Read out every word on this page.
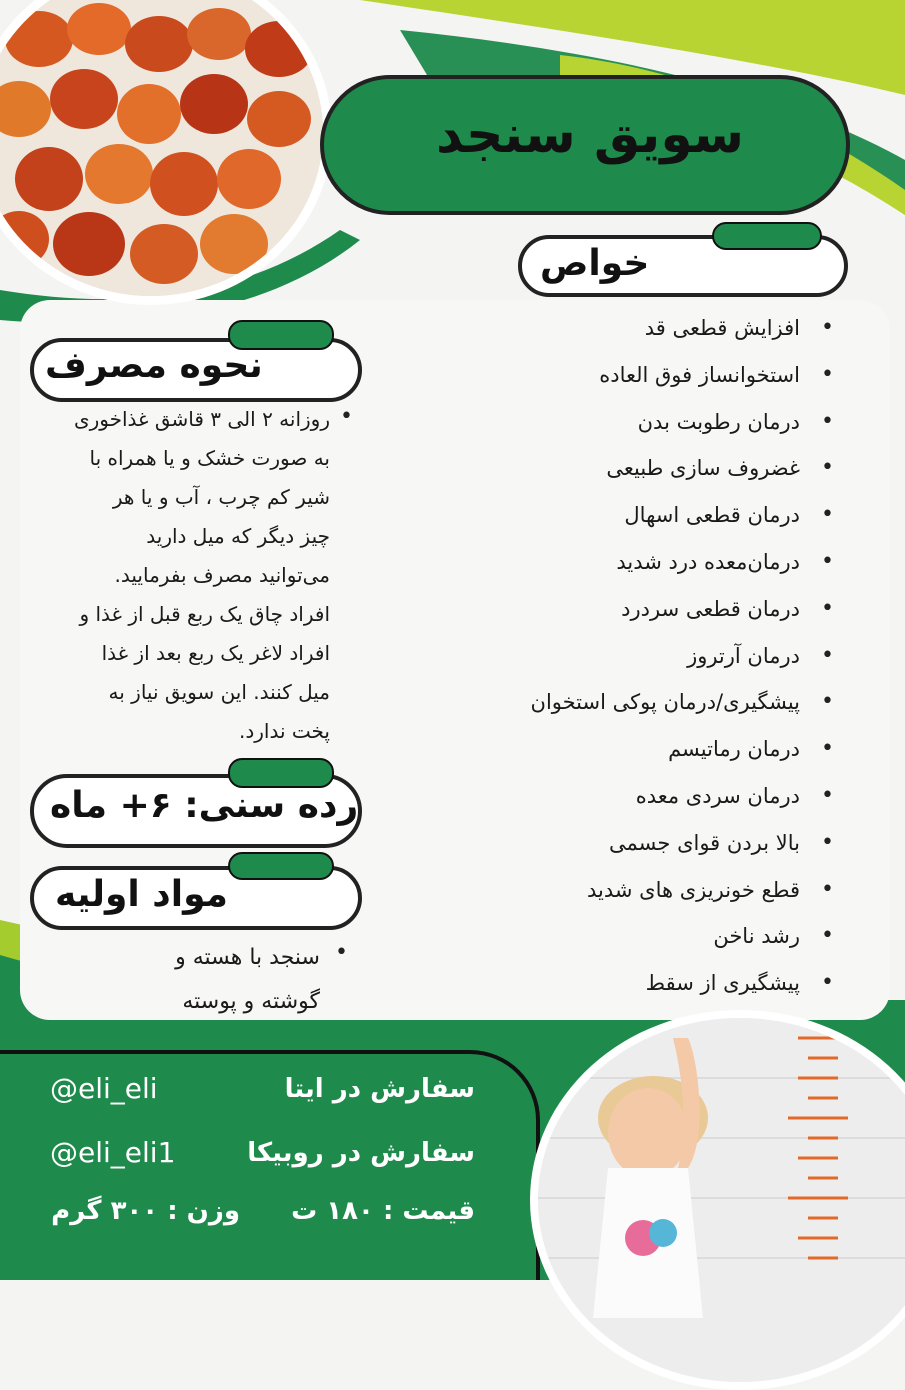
سویق سنجد
خواص
• افزایش قطعی قد
• استخوانساز فوق العاده
• درمان رطوبت بدن
• غضروف سازی طبیعی
• درمان قطعی اسهال
• درمان‌معده درد شدید
• درمان قطعی سردرد
• درمان آرتروز
• پیشگیری/درمان پوکی استخوان
• درمان رماتیسم
• درمان سردی معده
• بالا بردن قوای جسمی
• قطع خونریزی های شدید
• رشد ناخن
• پیشگیری از سقط
نحوه مصرف
•
روزانه ۲ الی ۳ قاشق غذاخوری
به صورت خشک و یا همراه با
شیر کم چرب ، آب و یا هر
چیز دیگر که میل دارید
می‌توانید مصرف بفرمایید.
افراد چاق یک ربع قبل از غذا و
افراد لاغر یک ربع بعد از غذا
میل کنند. این سویق نیاز به
پخت ندارد.
رده سنی: ۶+ ماه
مواد اولیه
•
سنجد با هسته و
گوشته و پوسته
سفارش در ایتا
@eli_eli
سفارش در روبیکا
@eli_eli1
قیمت : ۱۸۰ ت
وزن : ۳۰۰ گرم
